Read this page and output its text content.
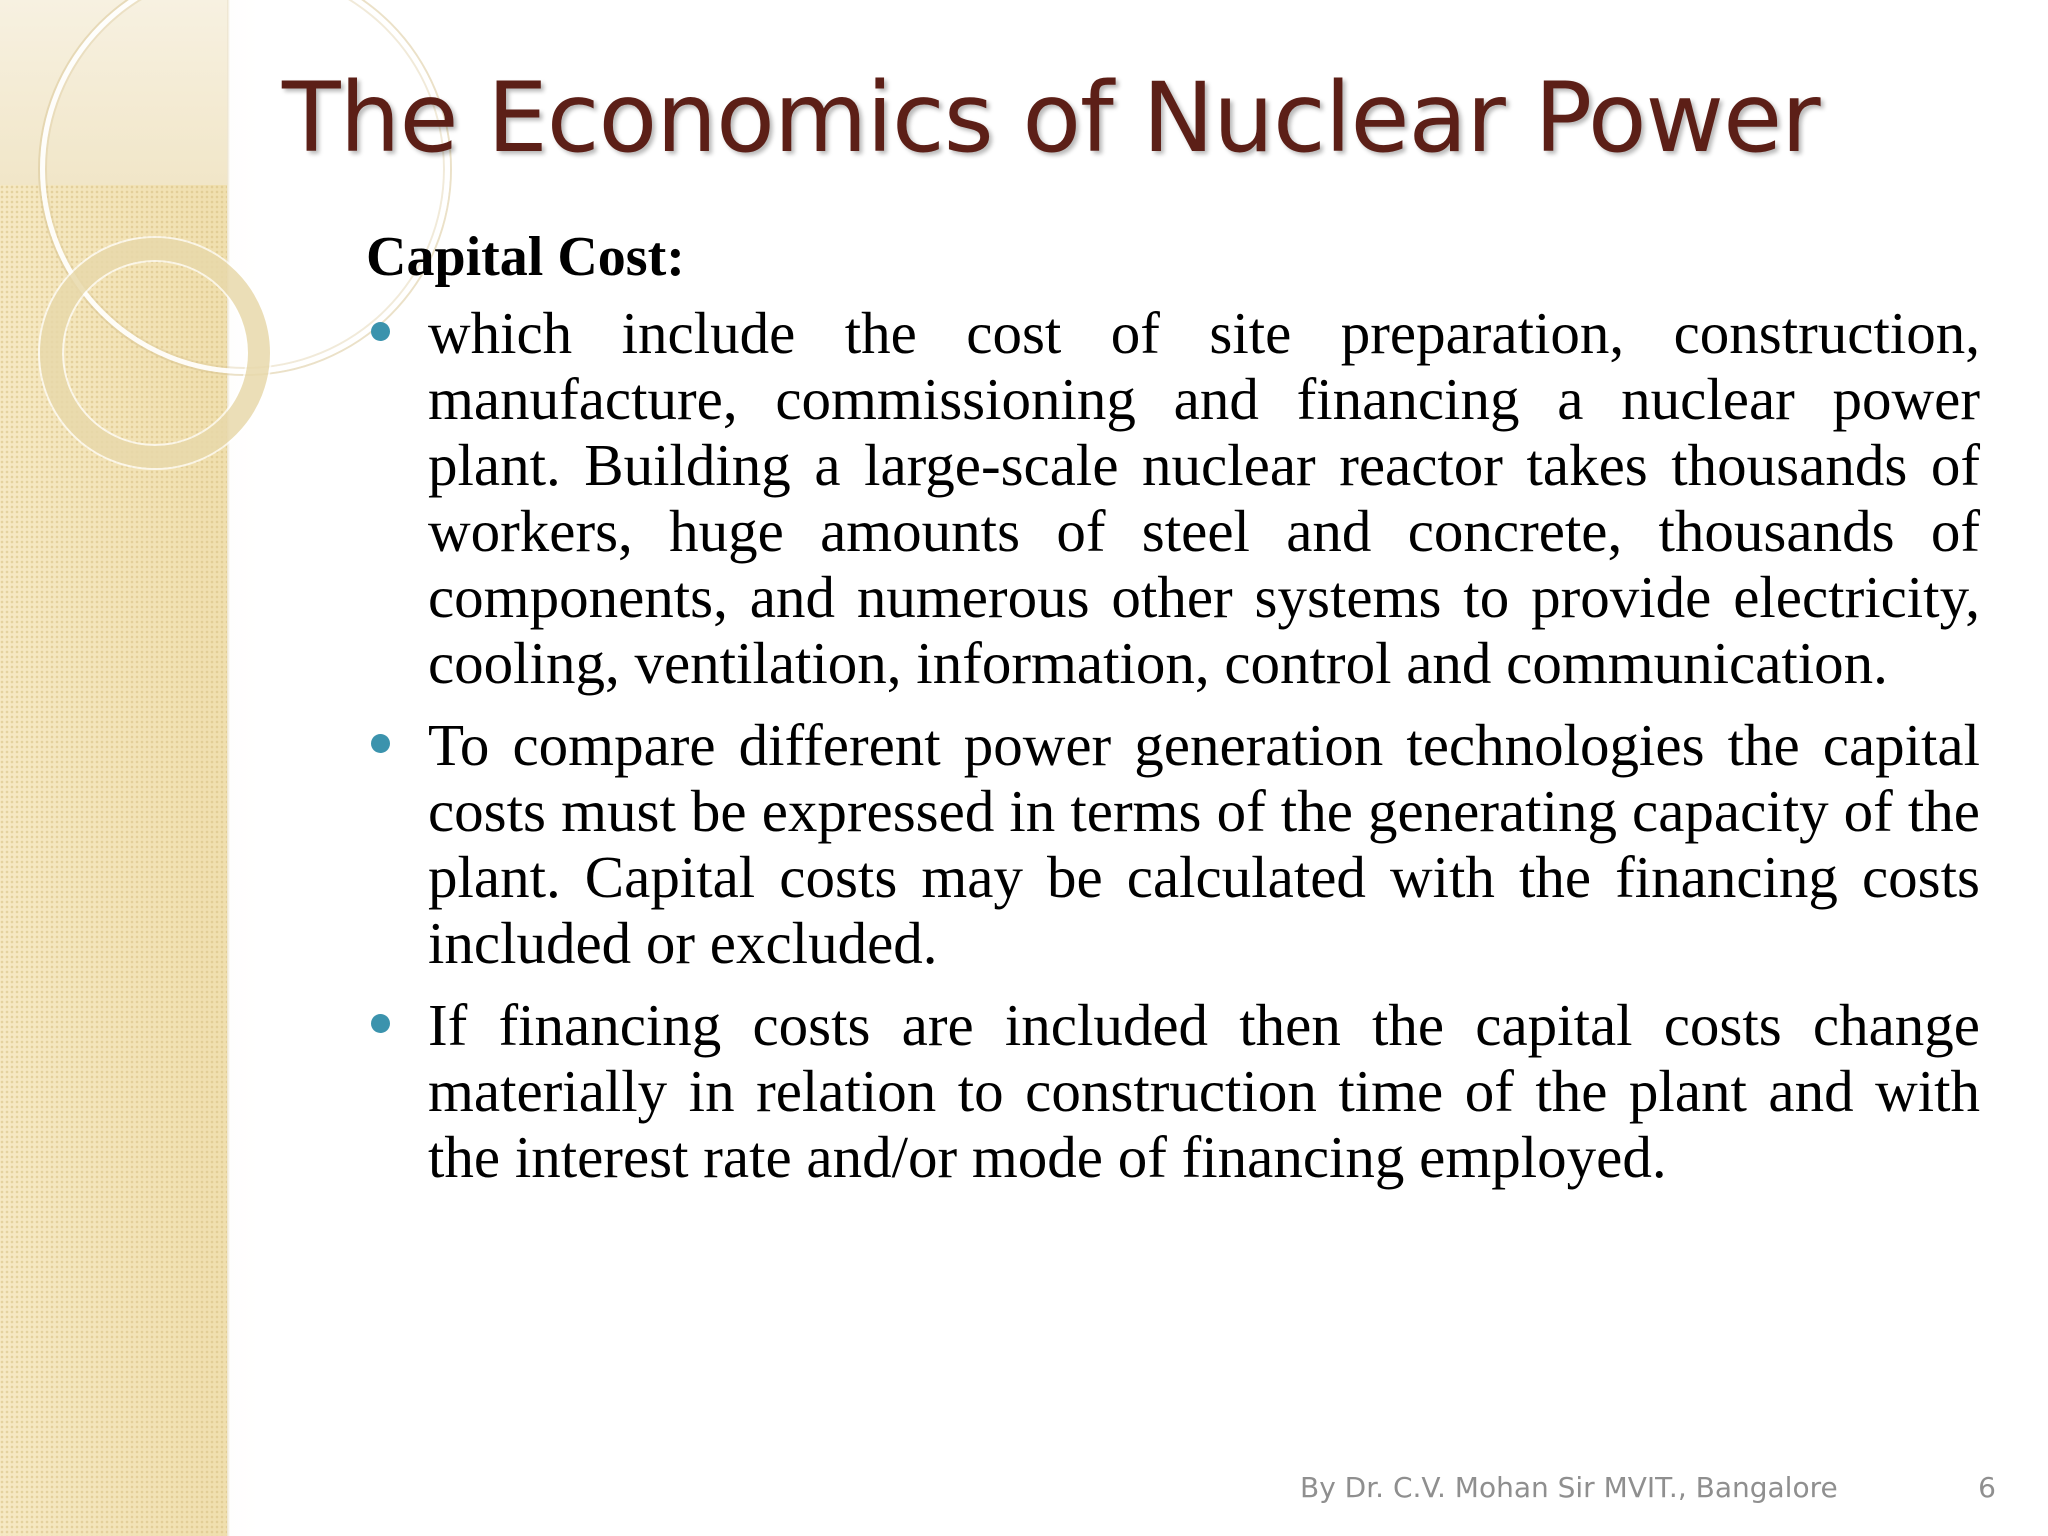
The Economics of Nuclear Power
Capital Cost:
which include the cost of site preparation, construction, manufacture, commissioning and financing a nuclear power plant. Building a large-scale nuclear reactor takes thousands of workers, huge amounts of steel and concrete, thousands of components, and numerous other systems to provide electricity, cooling, ventilation, information, control and communication.
To compare different power generation technologies the capital costs must be expressed in terms of the generating capacity of the plant. Capital costs may be calculated with the financing costs included or excluded.
If financing costs are included then the capital costs change materially in relation to construction time of the plant and with the interest rate and/or mode of financing employed.
By Dr. C.V. Mohan Sir MVIT., Bangalore	6
